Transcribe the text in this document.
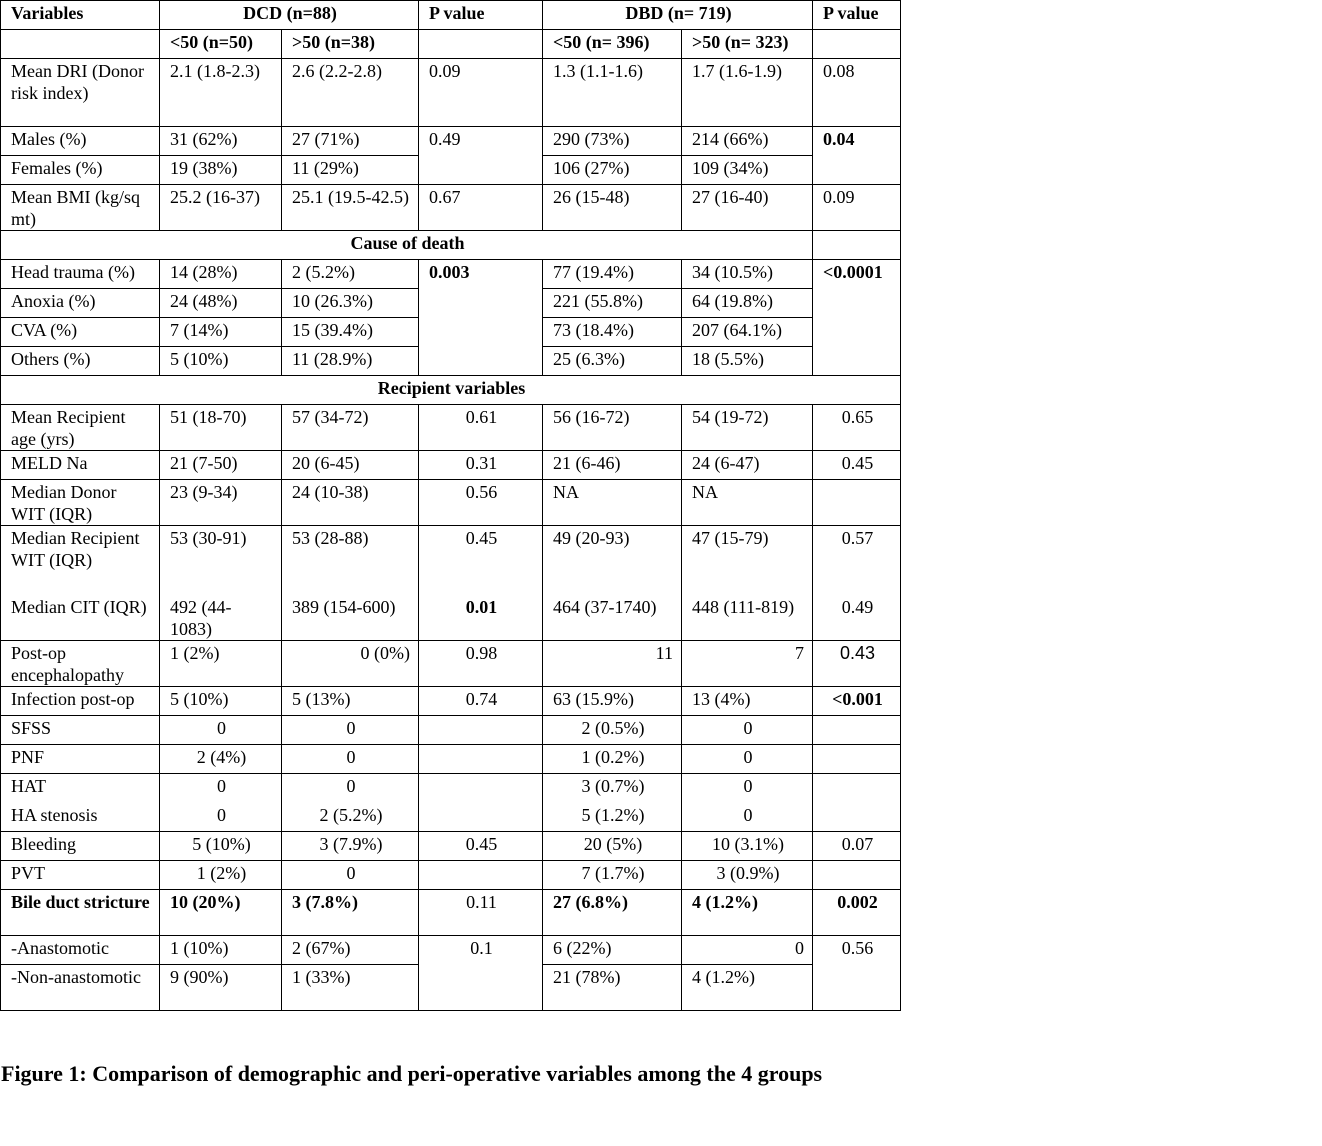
Variables	DCD (n=88)		P value	DBD (n= 719)		P value
	<50 (n=50)	>50 (n=38)		<50 (n= 396)	>50 (n= 323)	
Mean DRI (Donor risk index)	2.1 (1.8-2.3)	2.6 (2.2-2.8)	0.09	1.3 (1.1-1.6)	1.7 (1.6-1.9)	0.08
Males (%)	31 (62%)	27 (71%)	0.49	290 (73%)	214 (66%)	0.04
Females (%)	19 (38%)	11 (29%)		106 (27%)	109 (34%)	
Mean BMI (kg/sq mt)	25.2 (16-37)	25.1 (19.5-42.5)	0.67	26 (15-48)	27 (16-40)	0.09
Cause of death						
Head trauma (%)	14 (28%)	2 (5.2%)	0.003	77 (19.4%)	34 (10.5%)	<0.0001
Anoxia (%)	24 (48%)	10 (26.3%)		221 (55.8%)	64 (19.8%)	
CVA (%)	7 (14%)	15 (39.4%)		73 (18.4%)	207 (64.1%)	
Others (%)	5 (10%)	11 (28.9%)		25 (6.3%)	18 (5.5%)	
Recipient variables						
Mean Recipient age (yrs)	51 (18-70)	57 (34-72)	0.61	56 (16-72)	54 (19-72)	0.65
MELD Na	21 (7-50)	20 (6-45)	0.31	21 (6-46)	24 (6-47)	0.45
Median Donor WIT (IQR)	23 (9-34)	24 (10-38)	0.56	NA	NA	
Median Recipient WIT (IQR)	53 (30-91)	53 (28-88)	0.45	49 (20-93)	47 (15-79)	0.57
Median CIT (IQR)	492 (44-1083)	389 (154-600)	0.01	464 (37-1740)	448 (111-819)	0.49
Post-op encephalopathy	1 (2%)	0 (0%)	0.98	11	7	0.43
Infection post-op	5 (10%)	5 (13%)	0.74	63 (15.9%)	13 (4%)	<0.001
SFSS	0	0		2 (0.5%)	0	
PNF	2 (4%)	0		1 (0.2%)	0	
HAT	0	0		3 (0.7%)	0	
HA stenosis	0	2 (5.2%)		5 (1.2%)	0	
Bleeding	5 (10%)	3 (7.9%)	0.45	20 (5%)	10 (3.1%)	0.07
PVT	1 (2%)	0		7 (1.7%)	3 (0.9%)	
Bile duct stricture	10 (20%)	3 (7.8%)	0.11	27 (6.8%)	4 (1.2%)	0.002
-Anastomotic	1 (10%)	2 (67%)	0.1	6 (22%)	0	0.56
-Non-anastomotic	9 (90%)	1 (33%)		21 (78%)	4 (1.2%)	
Figure 1: Comparison of demographic and peri-operative variables among the 4 groups
